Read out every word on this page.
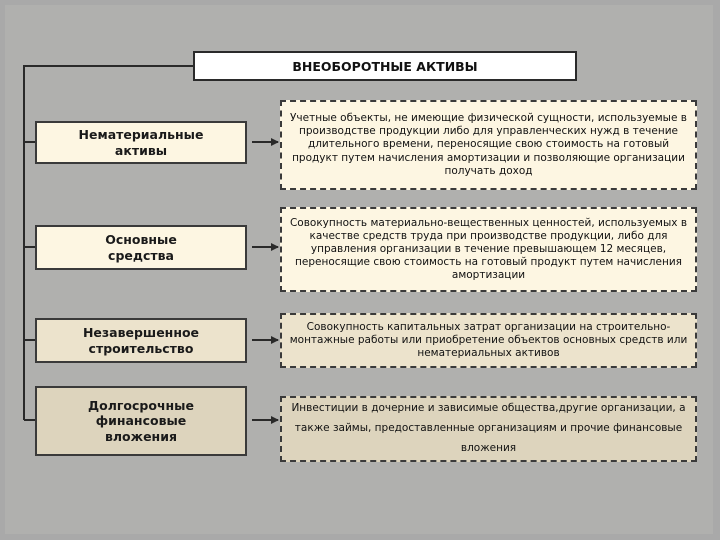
ВНЕОБОРОТНЫЕ АКТИВЫ
Нематериальные
активы
Основные
средства
Незавершенное
строительство
Долгосрочные
финансовые
вложения
Учетные объекты, не имеющие физической сущности, используемые в производстве продукции либо для управленческих нужд в течение длительного времени, переносящие свою стоимость на готовый продукт путем начисления амортизации и позволяющие организации получать доход
Совокупность материально-вещественных ценностей, используемых в качестве средств труда при производстве продукции, либо для управления организации в течение превышающем 12 месяцев, переносящие свою стоимость на готовый продукт путем начисления амортизации
Совокупность капитальных затрат организации на строительно-монтажные работы или приобретение объектов основных средств или нематериальных активов
Инвестиции в дочерние и зависимые общества,другие организации, а также займы, предоставленные организациям и прочие финансовые вложения
